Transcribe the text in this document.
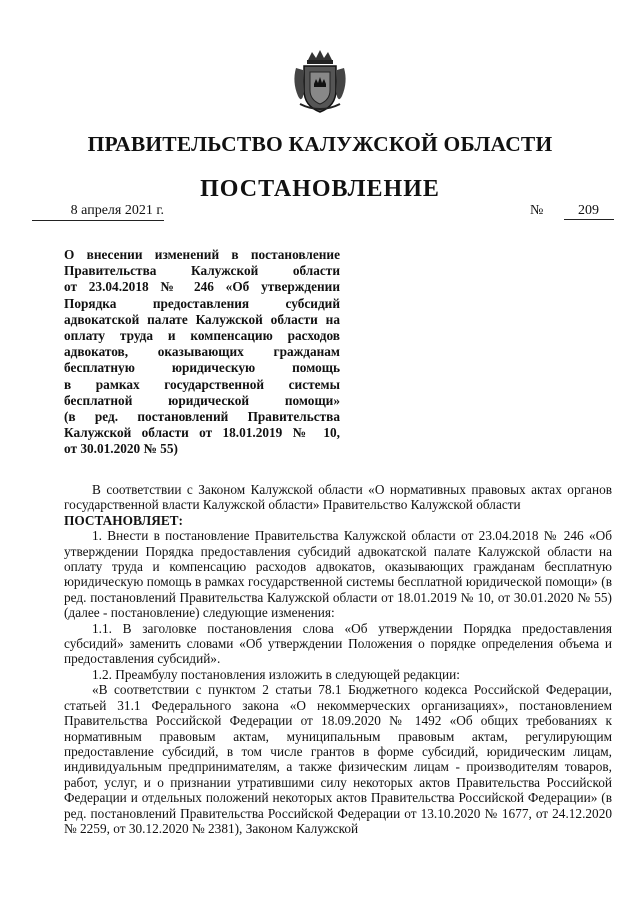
ПРАВИТЕЛЬСТВО КАЛУЖСКОЙ ОБЛАСТИ
ПОСТАНОВЛЕНИЕ
8 апреля 2021 г.	№ 209
О внесении изменений в постановление
Правительства Калужской области
от 23.04.2018 № 246 «Об утверждении
Порядка предоставления субсидий
адвокатской палате Калужской области на
оплату труда и компенсацию расходов
адвокатов, оказывающих гражданам
бесплатную юридическую помощь
в рамках государственной системы
бесплатной юридической помощи»
(в ред. постановлений Правительства
Калужской области от 18.01.2019 № 10,
от 30.01.2020 № 55)

В соответствии с Законом Калужской области «О нормативных правовых актах органов государственной власти Калужской области» Правительство Калужской области

ПОСТАНОВЛЯЕТ:

1. Внести в постановление Правительства Калужской области от 23.04.2018 № 246 «Об утверждении Порядка предоставления субсидий адвокатской палате Калужской области на оплату труда и компенсацию расходов адвокатов, оказывающих гражданам бесплатную юридическую помощь в рамках государственной системы бесплатной юридической помощи» (в ред. постановлений Правительства Калужской области от 18.01.2019 № 10, от 30.01.2020 № 55) (далее - постановление) следующие изменения:

1.1. В заголовке постановления слова «Об утверждении Порядка предоставления субсидий» заменить словами «Об утверждении Положения о порядке определения объема и предоставления субсидий».

1.2. Преамбулу постановления изложить в следующей редакции:

«В соответствии с пунктом 2 статьи 78.1 Бюджетного кодекса Российской Федерации, статьей 31.1 Федерального закона «О некоммерческих организациях», постановлением Правительства Российской Федерации от 18.09.2020 № 1492 «Об общих требованиях к нормативным правовым актам, муниципальным правовым актам, регулирующим предоставление субсидий, в том числе грантов в форме субсидий, юридическим лицам, индивидуальным предпринимателям, а также физическим лицам - производителям товаров, работ, услуг, и о признании утратившими силу некоторых актов Правительства Российской Федерации и отдельных положений некоторых актов Правительства Российской Федерации» (в ред. постановлений Правительства Российской Федерации от 13.10.2020 № 1677, от 24.12.2020 № 2259, от 30.12.2020 № 2381), Законом Калужской
